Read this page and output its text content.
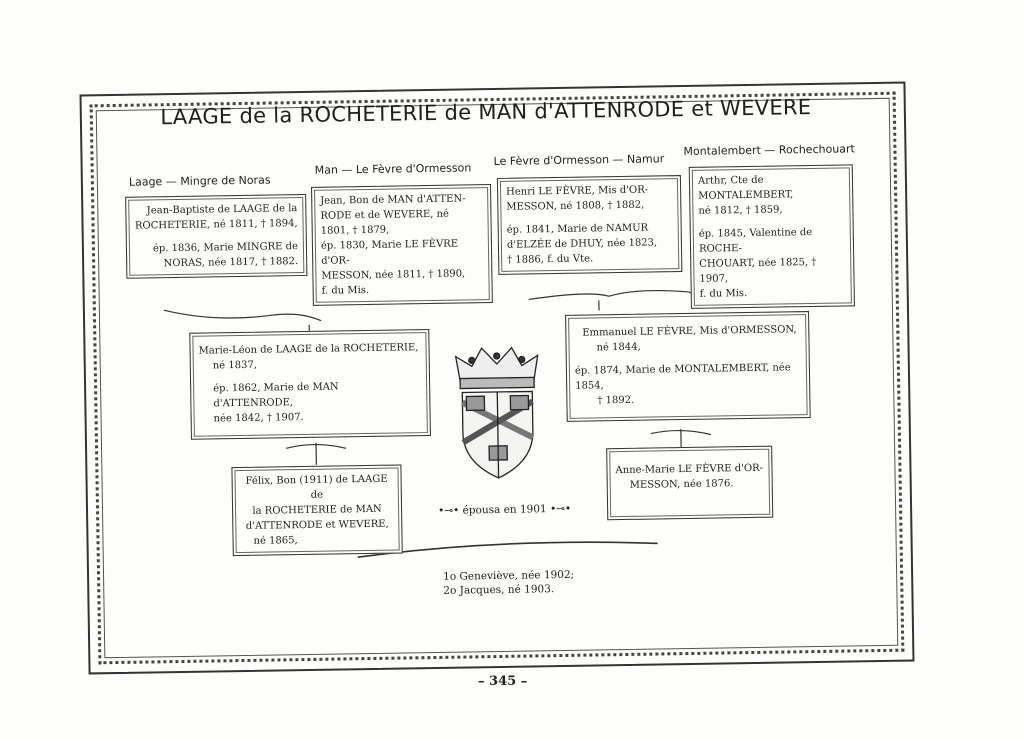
LAAGE de la ROCHETERIE de MAN d'ATTENRODE et WEVERE
Laage — Mingre de Noras
Man — Le Fèvre d'Ormesson
Le Fèvre d'Ormesson — Namur
Montalembert — Rochechouart

Jean-Baptiste de LAAGE de la

ROCHETERIE, né 1811, † 1894,

ép. 1836, Marie MINGRE de

NORAS, née 1817, † 1882.

Jean, Bon de MAN d'ATTEN-

RODE et de WEVERE, né

1801, † 1879,

ép. 1830, Marie LE FÈVRE d'OR-

MESSON, née 1811, † 1890,

f. du Mis.

Henri LE FÈVRE, Mis d'OR-

MESSON, né 1808, † 1882,

ép. 1841, Marie de NAMUR

d'ELZÉE de DHUY, née 1823,

† 1886, f. du Vte.

Arthr, Cte de MONTALEMBERT,

né 1812, † 1859,

ép. 1845, Valentine de ROCHE-

CHOUART, née 1825, † 1907,

f. du Mis.

Marie-Léon de LAAGE de la ROCHETERIE,

né 1837,

ép. 1862, Marie de MAN d'ATTENRODE,

née 1842, † 1907.

Emmanuel LE FÈVRE, Mis d'ORMESSON,

né 1844,

ép. 1874, Marie de MONTALEMBERT, née 1854,

† 1892.

Félix, Bon (1911) de LAAGE de

la ROCHETERIE de MAN

d'ATTENRODE et WEVERE,

né 1865,

Anne-Marie LE FÈVRE d'OR-

MESSON, née 1876.

•⊸• épousa en 1901 •⊸•
1o Geneviève, née 1902;
2o Jacques, né 1903.
– 345 –
